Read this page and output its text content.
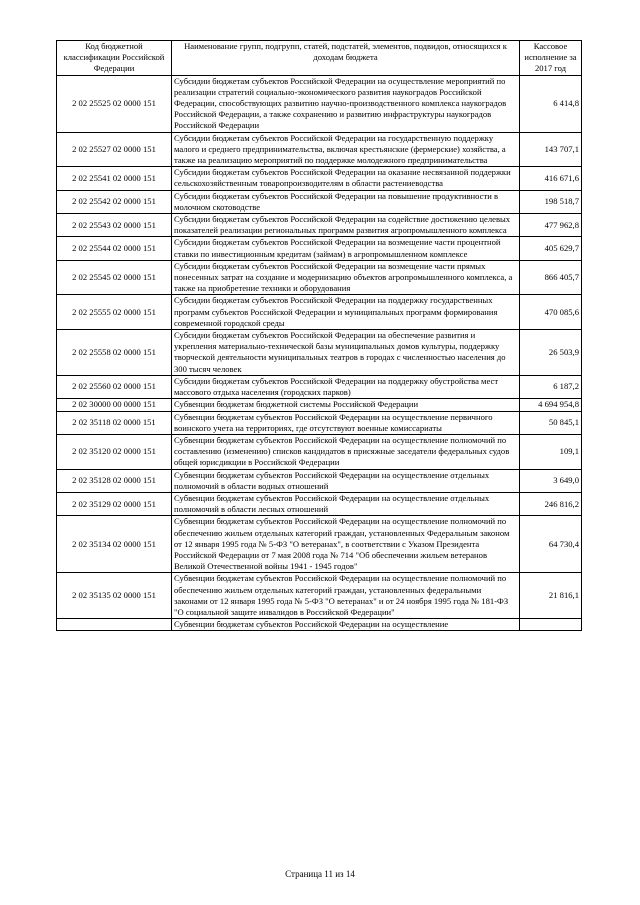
Код бюджетной классификации Российской Федерации	Наименование групп, подгрупп, статей, подстатей, элементов, подвидов, относящихся к доходам бюджета	Кассовое исполнение за 2017 год
2 02 25525 02 0000 151	Субсидии бюджетам субъектов Российской Федерации на осуществление мероприятий по реализации стратегий социально-экономического развития наукоградов Российской Федерации, способствующих развитию научно-производственного комплекса наукоградов Российской Федерации, а также сохранению и развитию инфраструктуры наукоградов Российской Федерации	6 414,8
2 02 25527 02 0000 151	Субсидии бюджетам субъектов Российской Федерации на государственную поддержку малого и среднего предпринимательства, включая крестьянские (фермерские) хозяйства, а также на реализацию мероприятий по поддержке молодежного предпринимательства	143 707,1
2 02 25541 02 0000 151	Субсидии бюджетам субъектов Российской Федерации на оказание несвязанной поддержки сельскохозяйственным товаропроизводителям в области растениеводства	416 671,6
2 02 25542 02 0000 151	Субсидии бюджетам субъектов Российской Федерации на повышение продуктивности в молочном скотоводстве	198 518,7
2 02 25543 02 0000 151	Субсидии бюджетам субъектов Российской Федерации на содействие достижению целевых показателей реализации региональных программ развития агропромышленного комплекса	477 962,8
2 02 25544 02 0000 151	Субсидии бюджетам субъектов Российской Федерации на возмещение части процентной ставки по инвестиционным кредитам (займам) в агропромышленном комплексе	405 629,7
2 02 25545 02 0000 151	Субсидии бюджетам субъектов Российской Федерации на возмещение части прямых понесенных затрат на создание и модернизацию объектов агропромышленного комплекса, а также на приобретение техники и оборудования	866 405,7
2 02 25555 02 0000 151	Субсидии бюджетам субъектов Российской Федерации на поддержку государственных программ субъектов Российской Федерации и муниципальных программ формирования современной городской среды	470 085,6
2 02 25558 02 0000 151	Субсидии бюджетам субъектов Российской Федерации на обеспечение развития и укрепления материально-технической базы муниципальных домов культуры, поддержку творческой деятельности муниципальных театров в городах с численностью населения до 300 тысяч человек	26 503,9
2 02 25560 02 0000 151	Субсидии бюджетам субъектов Российской Федерации на поддержку обустройства мест массового отдыха населения (городских парков)	6 187,2
2 02 30000 00 0000 151	Субвенции бюджетам бюджетной системы Российской Федерации	4 694 954,8
2 02 35118 02 0000 151	Субвенции бюджетам субъектов Российской Федерации на осуществление первичного воинского учета на территориях, где отсутствуют военные комиссариаты	50 845,1
2 02 35120 02 0000 151	Субвенции бюджетам субъектов Российской Федерации на осуществление полномочий по составлению (изменению) списков кандидатов в присяжные заседатели федеральных судов общей юрисдикции в Российской Федерации	109,1
2 02 35128 02 0000 151	Субвенции бюджетам субъектов Российской Федерации на осуществление отдельных полномочий в области водных отношений	3 649,0
2 02 35129 02 0000 151	Субвенции бюджетам субъектов Российской Федерации на осуществление отдельных полномочий в области лесных отношений	246 816,2
2 02 35134 02 0000 151	Субвенции бюджетам субъектов Российской Федерации на осуществление полномочий по обеспечению жильем отдельных категорий граждан, установленных Федеральным законом от 12 января 1995 года № 5-ФЗ "О ветеранах", в соответствии с Указом Президента Российской Федерации от 7 мая 2008 года № 714 "Об обеспечении жильем ветеранов Великой Отечественной войны 1941 - 1945 годов"	64 730,4
2 02 35135 02 0000 151	Субвенции бюджетам субъектов Российской Федерации на осуществление полномочий по обеспечению жильем отдельных категорий граждан, установленных федеральными законами от 12 января 1995 года № 5-ФЗ "О ветеранах" и от 24 ноября 1995 года № 181-ФЗ "О социальной защите инвалидов в Российской Федерации"	21 816,1
	Субвенции бюджетам субъектов Российской Федерации на осуществление	
Страница 11 из 14
